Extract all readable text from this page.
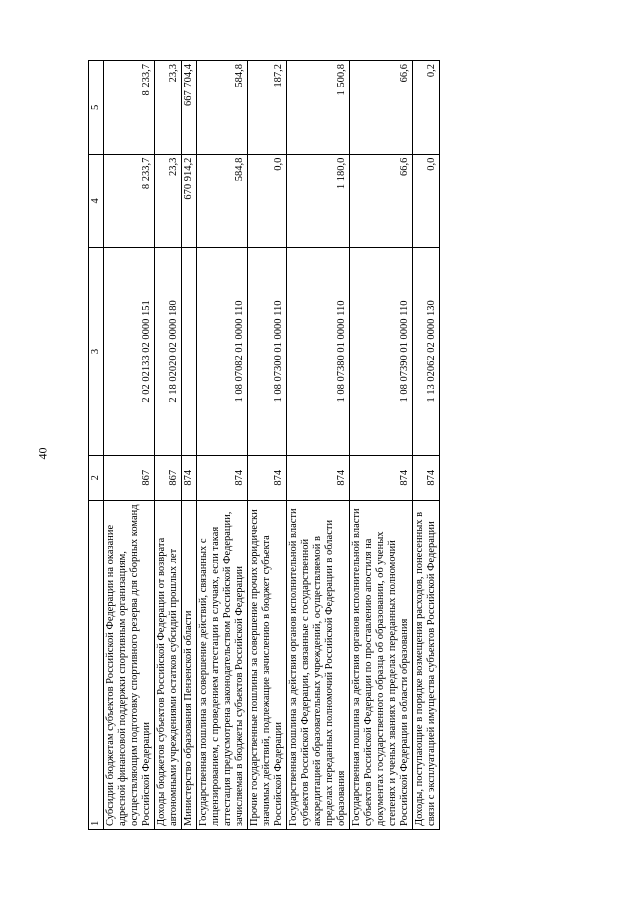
40
1	2	3	4	5
Субсидии бюджетам субъектов Российской Федерации на оказание адресной финансовой поддержки спортивным организациям, осуществляющим подготовку спортивного резерва для сборных команд Российской Федерации	867	2 02 02133 02 0000 151	8 233,7	8 233,7
Доходы бюджетов субъектов Российской Федерации от возврата автономными учреждениями остатков субсидий прошлых лет	867	2 18 02020 02 0000 180	23,3	23,3
Министерство образования Пензенской области	874		670 914,2	667 704,4
Государственная пошлина за совершение действий, связанных с лицензированием, с проведением аттестации в случаях, если такая аттестация предусмотрена законодательством Российской Федерации, зачисляемая в бюджеты субъектов Российской Федерации	874	1 08 07082 01 0000 110	584,8	584,8
Прочие государственные пошлины за совершение прочих юридически значимых действий, подлежащие зачислению в бюджет субъекта Российской Федерации	874	1 08 07300 01 0000 110	0,0	187,2
Государственная пошлина за действия органов исполнительной власти субъектов Российской Федерации, связанные с государственной аккредитацией образовательных учреждений, осуществляемой в пределах переданных полномочий Российской Федерации в области образования	874	1 08 07380 01 0000 110	1 180,0	1 500,8
Государственная пошлина за действия органов исполнительной власти субъектов Российской Федерации по проставлению апостиля на документах государственного образца об образовании, об ученых степенях и ученых званиях в пределах переданных полномочий Российской Федерации в области образования	874	1 08 07390 01 0000 110	66,6	66,6
Доходы, поступающие в порядке возмещения расходов, понесенных в связи с эксплуатацией имущества субъектов Российской Федерации	874	1 13 02062 02 0000 130	0,0	0,2
